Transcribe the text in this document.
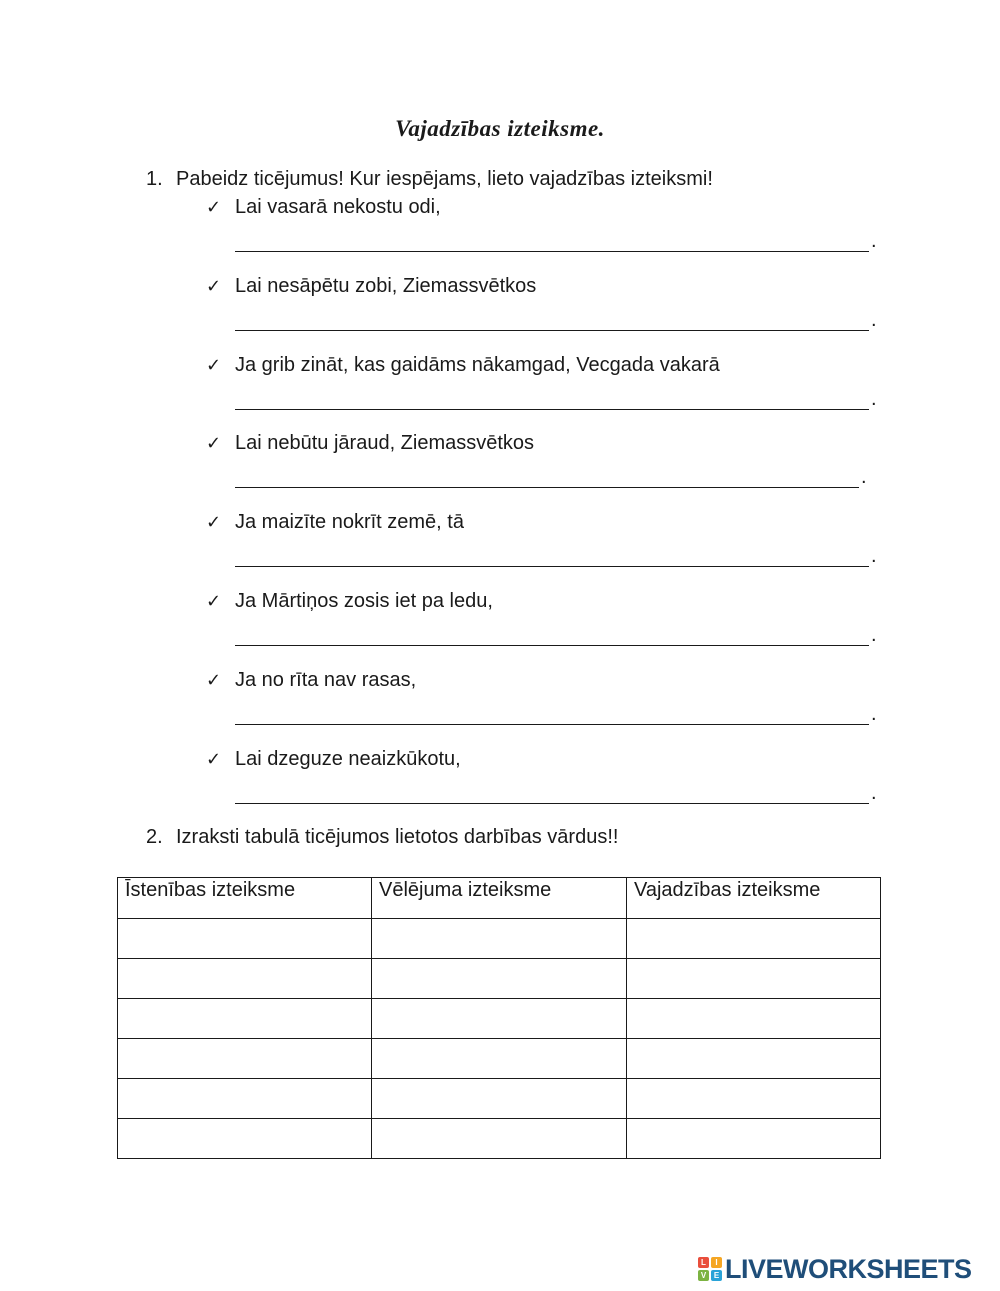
Vajadzības izteiksme.
1. Pabeidz ticējumus! Kur iespējams, lieto vajadzības izteiksmi!
✓ Lai vasarā nekostu odi,
.
✓ Lai nesāpētu zobi, Ziemassvētkos
.
✓ Ja grib zināt, kas gaidāms nākamgad, Vecgada vakarā
.
✓ Lai nebūtu jāraud, Ziemassvētkos
.
✓ Ja maizīte nokrīt zemē, tā
.
✓ Ja Mārtiņos zosis iet pa ledu,
.
✓ Ja no rīta nav rasas,
.
✓ Lai dzeguze neaizkūkotu,
.
2. Izraksti tabulā ticējumos lietotos darbības vārdus!!
Īstenības izteiksme	Vēlējuma izteiksme	Vajadzības izteiksme

L	I
V E LIVEWORKSHEETS
